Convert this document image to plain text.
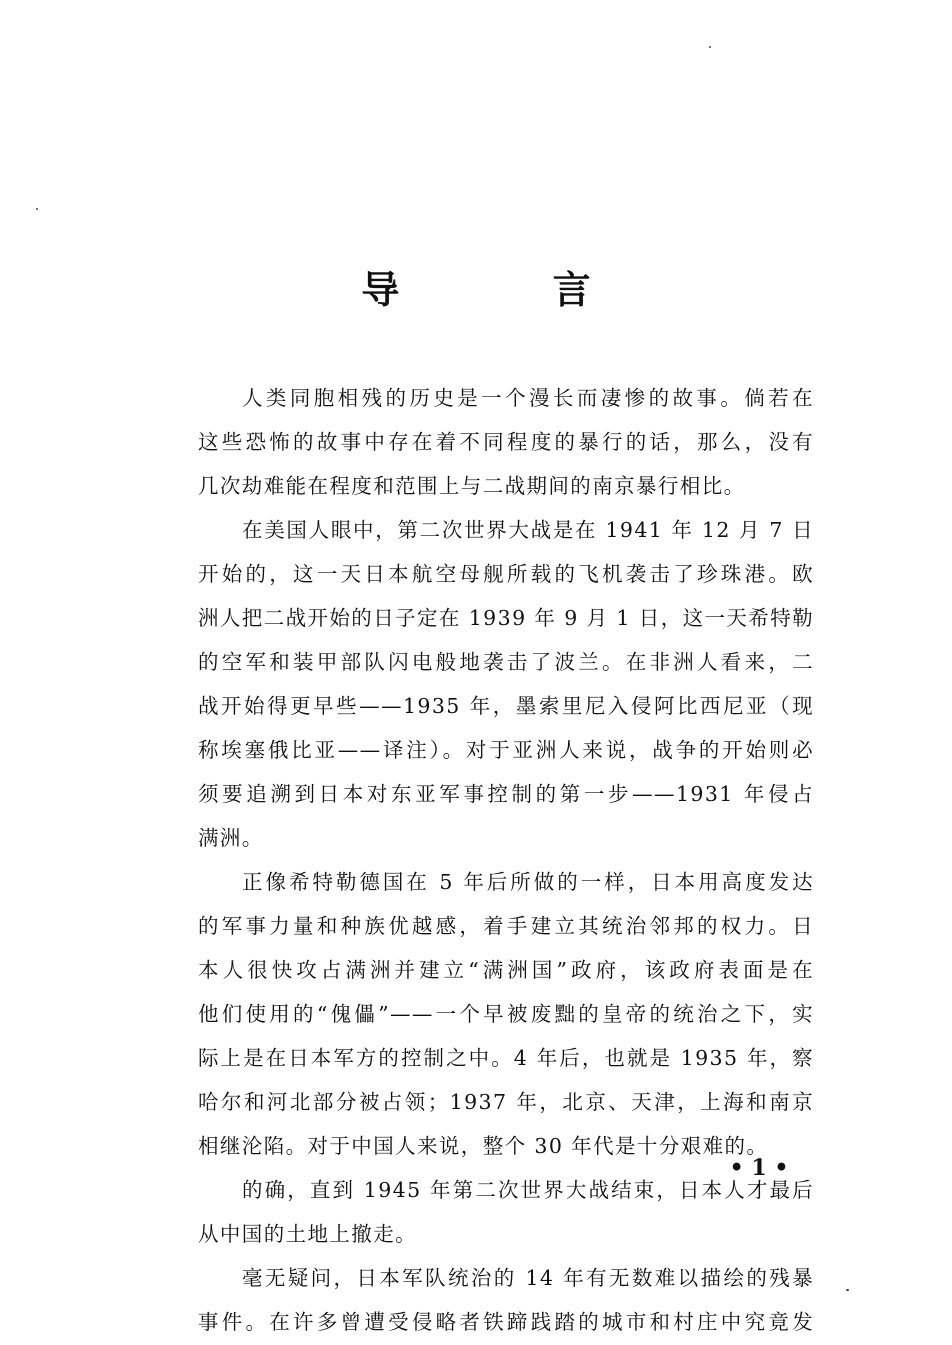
导 言
人类同胞相残的历史是一个漫长而凄惨的故事。倘若在
这些恐怖的故事中存在着不同程度的暴行的话，那么，没有
几次劫难能在程度和范围上与二战期间的南京暴行相比。
在美国人眼中，第二次世界大战是在 1941 年 12 月 7 日
开始的，这一天日本航空母舰所载的飞机袭击了珍珠港。欧
洲人把二战开始的日子定在 1939 年 9 月 1 日，这一天希特勒
的空军和装甲部队闪电般地袭击了波兰。在非洲人看来，二
战开始得更早些——1935 年，墨索里尼入侵阿比西尼亚（现
称埃塞俄比亚——译注）。对于亚洲人来说，战争的开始则必
须要追溯到日本对东亚军事控制的第一步——1931 年侵占
满洲。
正像希特勒德国在 5 年后所做的一样，日本用高度发达
的军事力量和种族优越感，着手建立其统治邻邦的权力。日
本人很快攻占满洲并建立“满洲国”政府，该政府表面是在
他们使用的“傀儡”——一个早被废黜的皇帝的统治之下，实
际上是在日本军方的控制之中。4 年后，也就是 1935 年，察
哈尔和河北部分被占领；1937 年，北京、天津，上海和南京
相继沦陷。对于中国人来说，整个 30 年代是十分艰难的。
的确，直到 1945 年第二次世界大战结束，日本人才最后
从中国的土地上撤走。
毫无疑问，日本军队统治的 14 年有无数难以描绘的残暴
事件。在许多曾遭受侵略者铁蹄践踏的城市和村庄中究竟发
• 1 •
